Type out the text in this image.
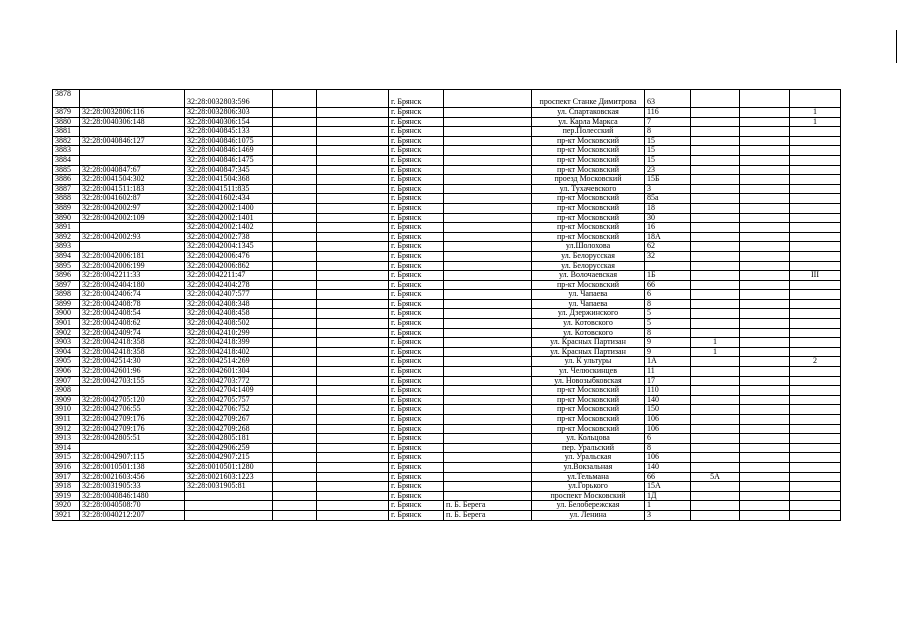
3878		32:28:0032803:596			г. Брянск		проспект Станке Димитрова	63			
3879	32:28:0032806:116	32:28:0032806:303			г. Брянск		ул. Спартаковская	116			1
3880	32:28:0040306:148	32:28:0040306:154			г. Брянск		ул. Карла Маркса	7			1
3881		32:28:0040845:133			г. Брянск		пер.Полесский	8			
3882	32:28:0040846:127	32:28:0040846:1075			г. Брянск		пр-кт Московский	15			
3883		32:28:0040846:1469			г. Брянск		пр-кт Московский	15			
3884		32:28:0040846:1475			г. Брянск		пр-кт Московский	15			
3885	32:28:0040847:67	32:28:0040847:345			г. Брянск		пр-кт Московский	23			
3886	32:28:0041504:302	32:28:0041504:368			г. Брянск		проезд Московский	15Б			
3887	32:28:0041511:183	32:28:0041511:835			г. Брянск		ул. Тухачевского	3			
3888	32:28:0041602:87	32:28:0041602:434			г. Брянск		пр-кт Московский	85а			
3889	32:28:0042002:97	32:28:0042002:1400			г. Брянск		пр-кт Московский	18			
3890	32:28:0042002:109	32:28:0042002:1401			г. Брянск		пр-кт Московский	30			
3891		32:28:0042002:1402			г. Брянск		пр-кт Московский	16			
3892	32:28:0042002:93	32:28:0042002:738			г. Брянск		пр-кт Московский	18А			
3893		32:28:0042004:1345			г. Брянск		ул.Шолохова	62			
3894	32:28:0042006:181	32:28:0042006:476			г. Брянск		ул. Белорусская	32			
3895	32:28:0042006:199	32:28:0042006:862			г. Брянск		ул. Белорусская				
3896	32:28:0042211:33	32:28:0042211:47			г. Брянск		ул. Волочаевская	1Б			III
3897	32:28:0042404:180	32:28:0042404:278			г. Брянск		пр-кт Московский	66			
3898	32:28:0042406:74	32:28:0042407:577			г. Брянск		ул. Чапаева	6			
3899	32:28:0042408:78	32:28:0042408:348			г. Брянск		ул. Чапаева	8			
3900	32:28:0042408:54	32:28:0042408:458			г. Брянск		ул. Дзержинского	5			
3901	32:28:0042408:62	32:28:0042408:502			г. Брянск		ул. Котовского	5			
3902	32:28:0042409:74	32:28:0042410:299			г. Брянск		ул. Котовского	8			
3903	32:28:0042418:358	32:28:0042418:399			г. Брянск		ул. Красных Партизан	9	1		
3904	32:28:0042418:358	32:28:0042418:402			г. Брянск		ул. Красных Партизан	9	1		
3905	32:28:0042514:30	32:28:0042514:269			г. Брянск		ул. К ультуры	1А			2
3906	32:28:0042601:96	32:28:0042601:304			г. Брянск		ул. Челюскинцев	11			
3907	32:28:0042703:155	32:28:0042703:772			г. Брянск		ул. Новозыбковская	17			
3908		32:28:0042704:1409			г. Брянск		пр-кт Московский	110			
3909	32:28:0042705:120	32:28:0042705:757			г. Брянск		пр-кт Московский	140			
3910	32:28:0042706:55	32:28:0042706:752			г. Брянск		пр-кт Московский	150			
3911	32:28:0042709:176	32:28:0042709:267			г. Брянск		пр-кт Московский	106			
3912	32:28:0042709:176	32:28:0042709:268			г. Брянск		пр-кт Московский	106			
3913	32:28:0042805:51	32:28:0042805:181			г. Брянск		ул. Кольцова	6			
3914		32:28:0042906:259			г. Брянск		пер. Уральский	8			
3915	32:28:0042907:115	32:28:0042907:215			г. Брянск		ул. Уральская	106			
3916	32:28:0010501:138	32:28:0010501:1280			г. Брянск		ул.Вокзальная	140			
3917	32:28:0021603:456	32:28:0021603:1223			г. Брянск		ул.Тельмана	66	5А		
3918	32:28:0031905:33	32:28:0031905:81			г. Брянск		ул.Горького	15А			
3919	32:28:0040846:1480				г. Брянск		проспект Московский	1Д			
3920	32:28:0040508:70				г. Брянск	п. Б. Берега	ул. Белобережская	1			
3921	32:28:0040212:207				г. Брянск	п. Б. Берега	ул. Ленина	3			
